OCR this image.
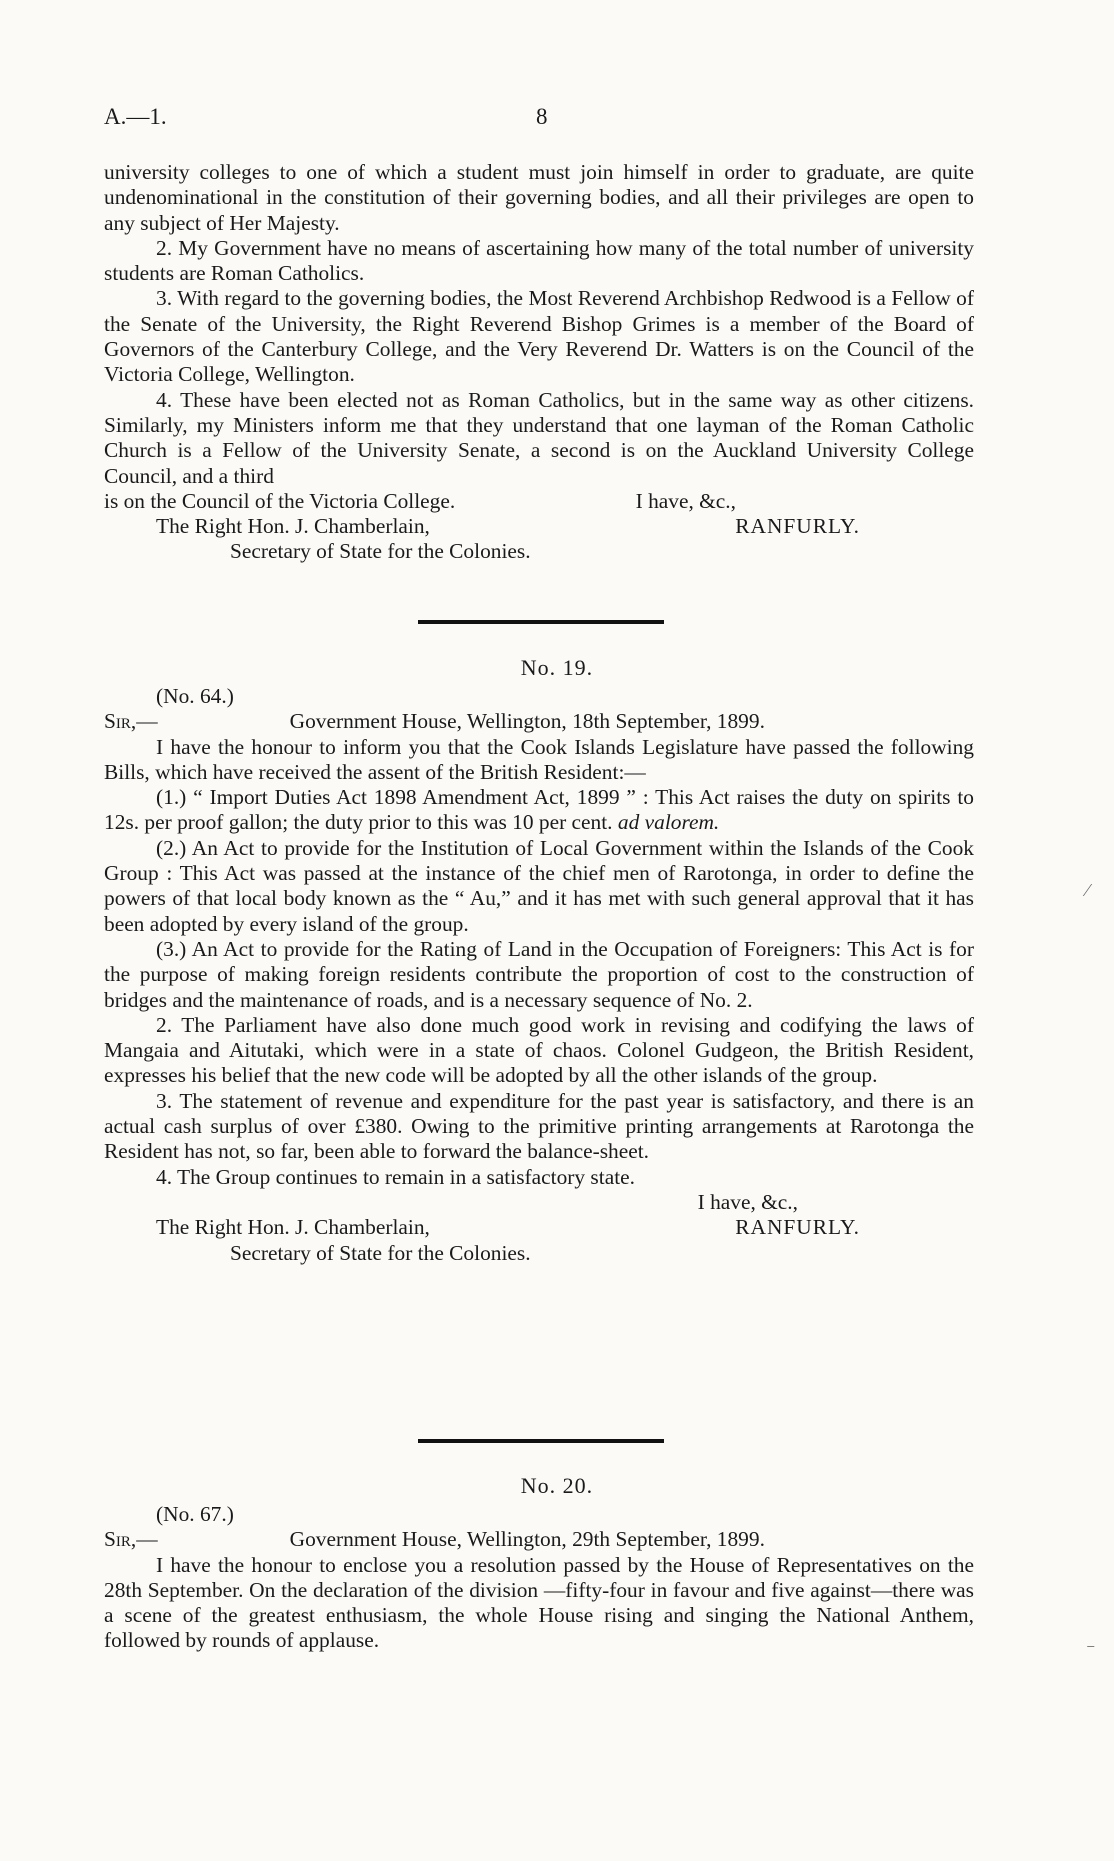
A.—1.	8

university colleges to one of which a student must join himself in order to graduate, are quite undenominational in the constitution of their governing bodies, and all their privileges are open to any subject of Her Majesty.

2. My Government have no means of ascertaining how many of the total number of university students are Roman Catholics.

3. With regard to the governing bodies, the Most Reverend Archbishop Redwood is a Fellow of the Senate of the University, the Right Reverend Bishop Grimes is a member of the Board of Governors of the Canterbury College, and the Very Reverend Dr. Watters is on the Council of the Victoria College, Wellington.

4. These have been elected not as Roman Catholics, but in the same way as other citizens. Similarly, my Ministers inform me that they understand that one layman of the Roman Catholic Church is a Fellow of the University Senate, a second is on the Auckland University College Council, and a third

is on the Council of the Victoria College.	I have, &c.,
The Right Hon. J. Chamberlain,	RANFURLY.
Secretary of State for the Colonies.
No. 19.
(No. 64.)
Sir,—	Government House, Wellington, 18th September, 1899.

I have the honour to inform you that the Cook Islands Legislature have passed the following Bills, which have received the assent of the British Resident:—

(1.) “ Import Duties Act 1898 Amendment Act, 1899 ” : This Act raises the duty on spirits to 12s. per proof gallon; the duty prior to this was 10 per cent. ad valorem.

(2.) An Act to provide for the Institution of Local Government within the Islands of the Cook Group : This Act was passed at the instance of the chief men of Rarotonga, in order to define the powers of that local body known as the “ Au,” and it has met with such general approval that it has been adopted by every island of the group.

(3.) An Act to provide for the Rating of Land in the Occupation of Foreigners: This Act is for the purpose of making foreign residents contribute the proportion of cost to the construction of bridges and the maintenance of roads, and is a necessary sequence of No. 2.

2. The Parliament have also done much good work in revising and codifying the laws of Mangaia and Aitutaki, which were in a state of chaos. Colonel Gudgeon, the British Resident, expresses his belief that the new code will be adopted by all the other islands of the group.

3. The statement of revenue and expenditure for the past year is satisfactory, and there is an actual cash surplus of over £380. Owing to the primitive printing arrangements at Rarotonga the Resident has not, so far, been able to forward the balance-sheet.

4. The Group continues to remain in a satisfactory state.

I have, &c.,
The Right Hon. J. Chamberlain,	RANFURLY.
Secretary of State for the Colonies.
No. 20.
(No. 67.)
Sir,—	Government House, Wellington, 29th September, 1899.

I have the honour to enclose you a resolution passed by the House of Representatives on the 28th September. On the declaration of the division —fifty-four in favour and five against—there was a scene of the greatest enthusiasm, the whole House rising and singing the National Anthem, followed by rounds of applause.

⁄
⁻
